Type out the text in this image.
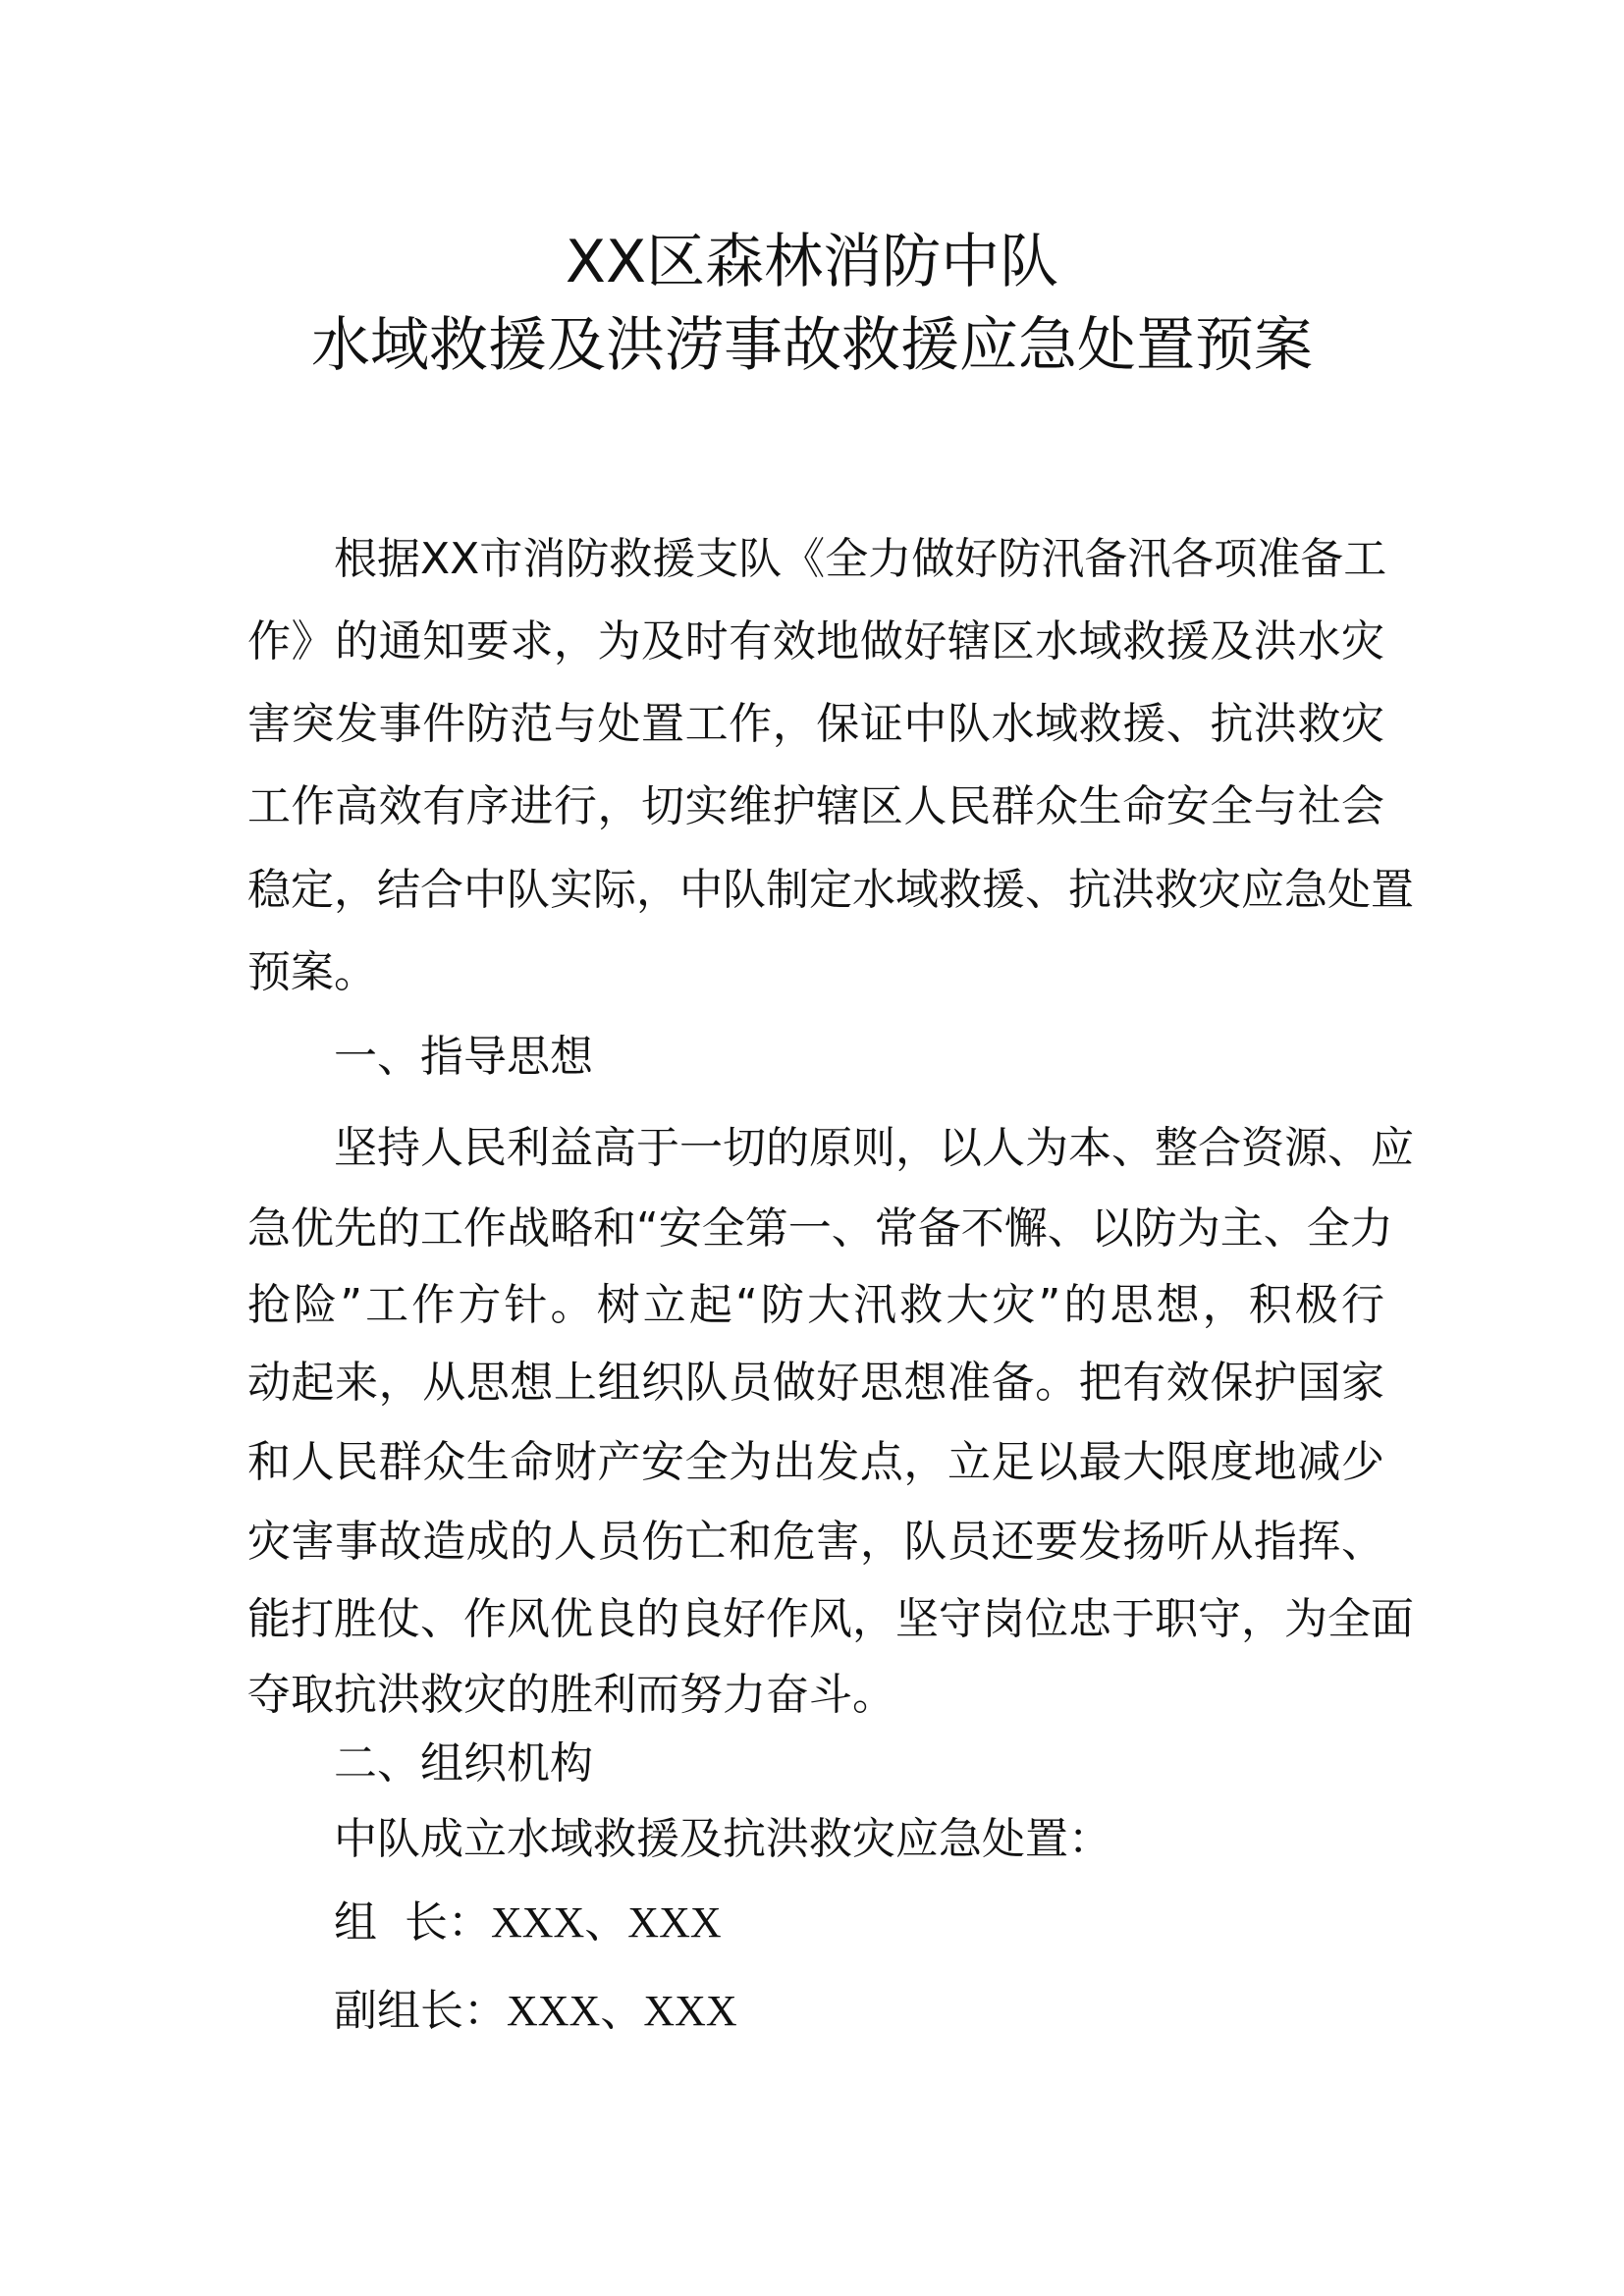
XX区森林消防中队
水域救援及洪涝事故救援应急处置预案
根据XX市消防救援支队《全力做好防汛备汛各项准备工
作》的通知要求，为及时有效地做好辖区水域救援及洪水灾
害突发事件防范与处置工作，保证中队水域救援、抗洪救灾
工作高效有序进行，切实维护辖区人民群众生命安全与社会
稳定，结合中队实际，中队制定水域救援、抗洪救灾应急处置
预案。
一、指导思想
坚持人民利益高于一切的原则，以人为本、整合资源、应
急优先的工作战略和“安全第一、常备不懈、以防为主、全力
抢险”工作方针。树立起“防大汛救大灾”的思想，积极行
动起来，从思想上组织队员做好思想准备。把有效保护国家
和人民群众生命财产安全为出发点，立足以最大限度地减少
灾害事故造成的人员伤亡和危害，队员还要发扬听从指挥、
能打胜仗、作风优良的良好作风，坚守岗位忠于职守，为全面
夺取抗洪救灾的胜利而努力奋斗。
二、组织机构
中队成立水域救援及抗洪救灾应急处置：
组  长：XXX、XXX
副组长：XXX、XXX
